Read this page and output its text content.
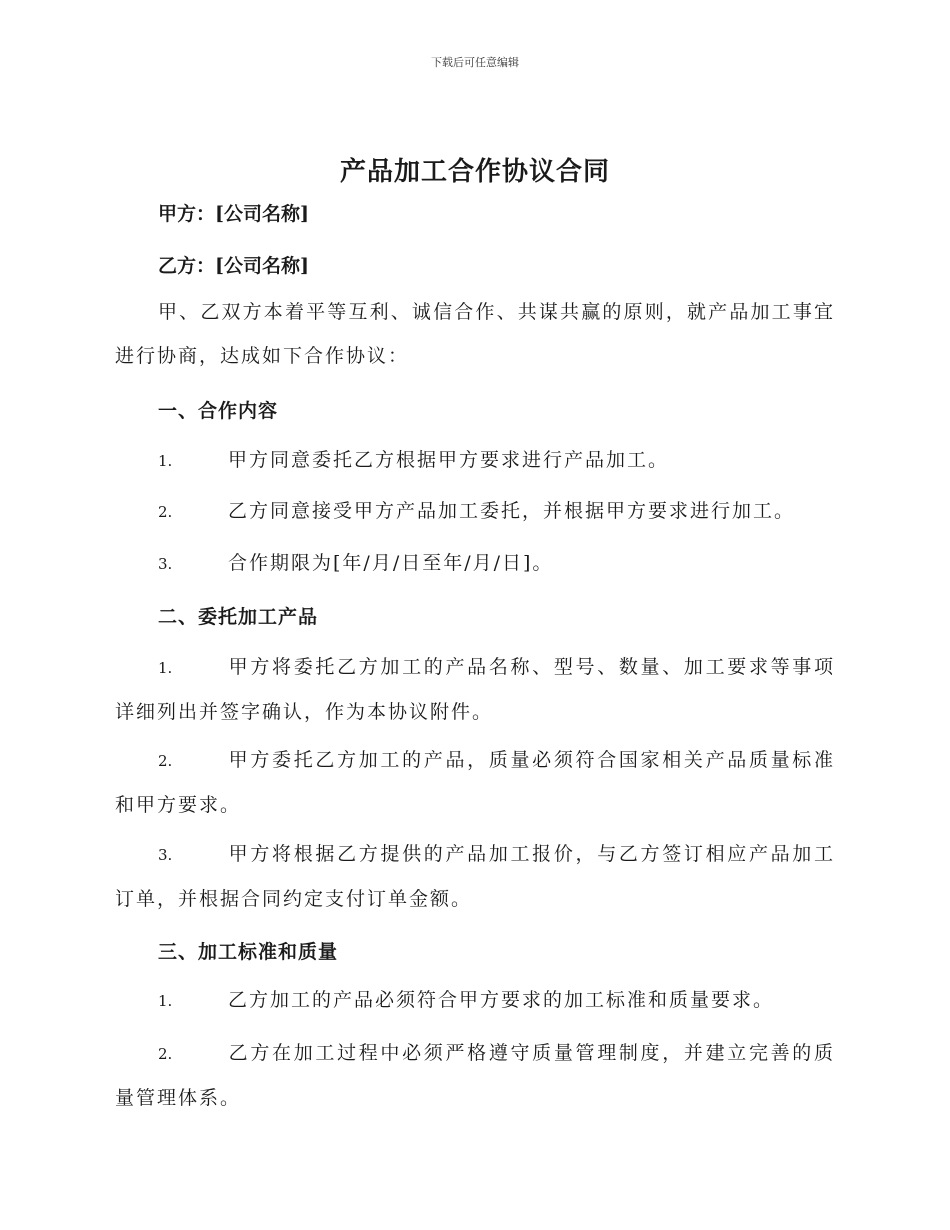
下载后可任意编辑
产品加工合作协议合同
甲方：[公司名称]
乙方：[公司名称]
甲、乙双方本着平等互利、诚信合作、共谋共赢的原则，就产品加工事宜进行协商，达成如下合作协议：
一、合作内容
1.	甲方同意委托乙方根据甲方要求进行产品加工。
2.	乙方同意接受甲方产品加工委托，并根据甲方要求进行加工。
3.	合作期限为[年/月/日至年/月/日]。
二、委托加工产品
1.	甲方将委托乙方加工的产品名称、型号、数量、加工要求等事项详细列出并签字确认，作为本协议附件。
2.	甲方委托乙方加工的产品，质量必须符合国家相关产品质量标准和甲方要求。
3.	甲方将根据乙方提供的产品加工报价，与乙方签订相应产品加工订单，并根据合同约定支付订单金额。
三、加工标准和质量
1.	乙方加工的产品必须符合甲方要求的加工标准和质量要求。
2.	乙方在加工过程中必须严格遵守质量管理制度，并建立完善的质量管理体系。
